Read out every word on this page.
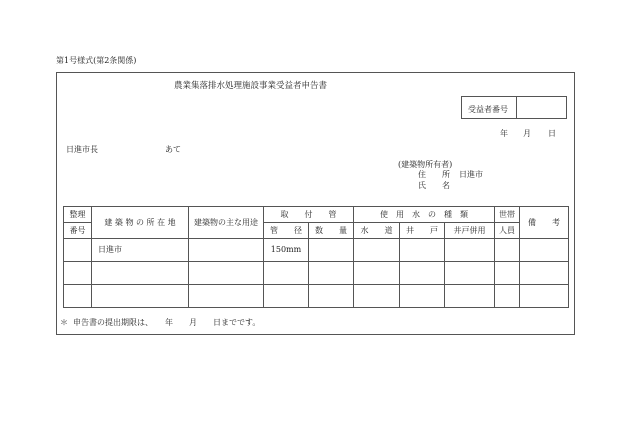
第1号様式(第2条関係)
農業集落排水処理施設事業受益者申告書
受益者番号
年 月 日
日進市長	あて
(建築物所有者)
住　　所 日進市
氏　　名
整理	建 築 物 の 所 在 地	建築物の主な用途	取　　付　　管		使　用　水　の　種　類			世帯	備　　考
番号			管　　径	数　　量	水　　道	井　　戸	井戸併用	人員	
	日進市		150mm						

＊ 申告書の提出期限は、　　年　　月　　日までです。
